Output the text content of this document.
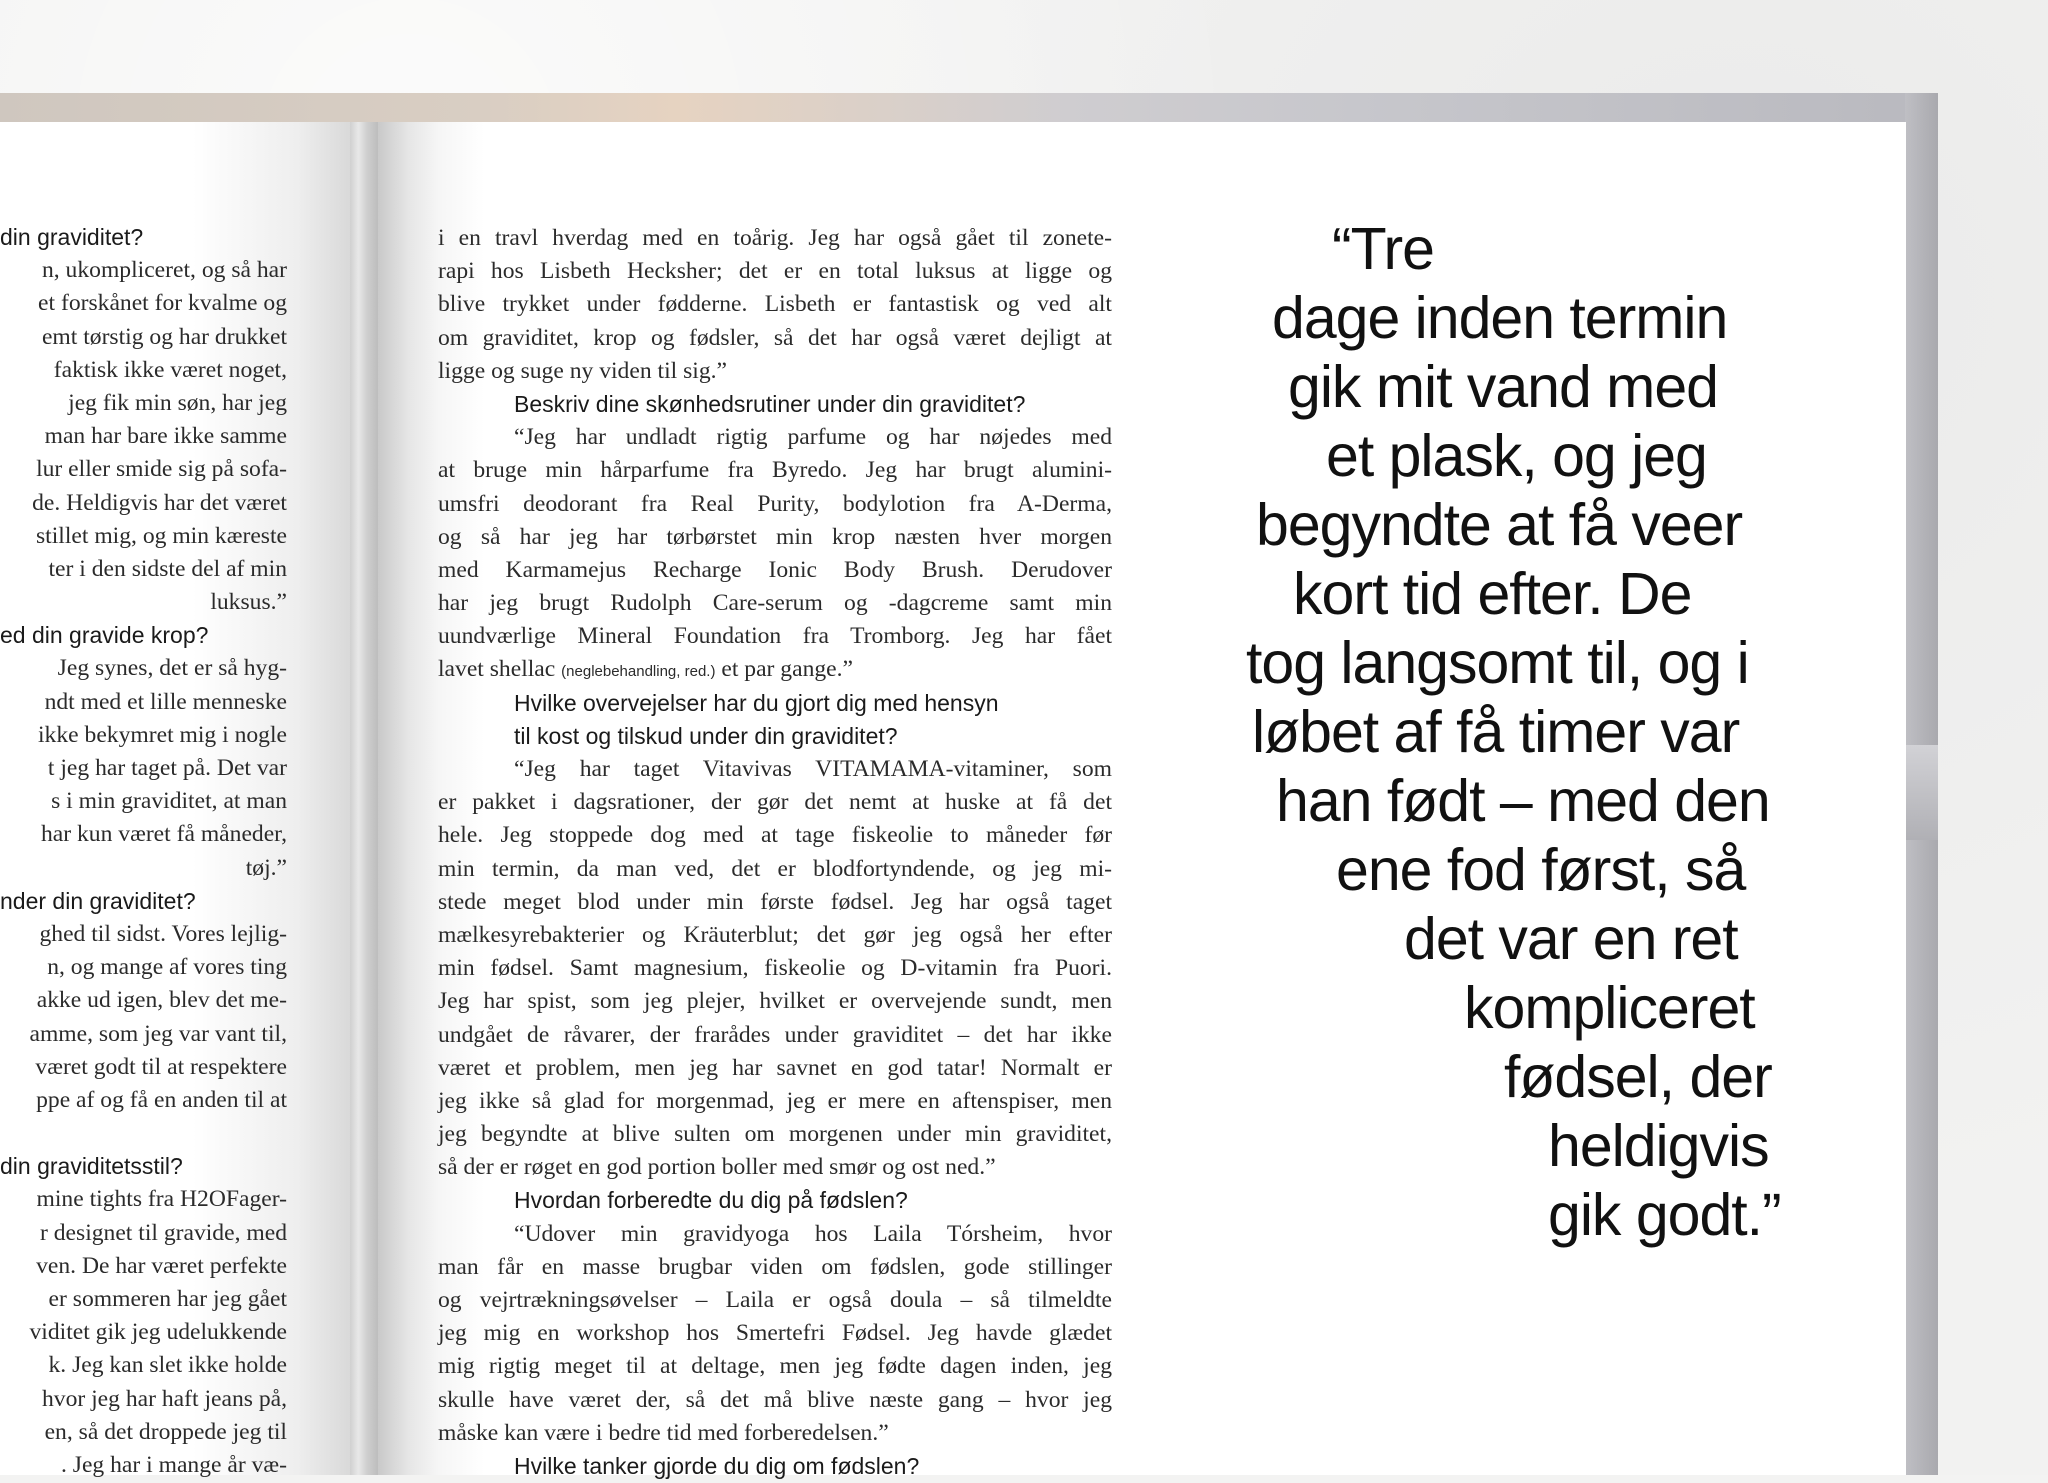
din graviditet?
n, ukompliceret, og så har
et forskånet for kvalme og
emt tørstig og har drukket
faktisk ikke været noget,
jeg fik min søn, har jeg
man har bare ikke samme
lur eller smide sig på sofa-
de. Heldigvis har det været
stillet mig, og min kæreste
ter i den sidste del af min
luksus.”
ed din gravide krop?
Jeg synes, det er så hyg-
ndt med et lille menneske
ikke bekymret mig i nogle
t jeg har taget på. Det var
s i min graviditet, at man
har kun været få måneder,
tøj.”
nder din graviditet?
ghed til sidst. Vores lejlig-
n, og mange af vores ting
akke ud igen, blev det me-
amme, som jeg var vant til,
været godt til at respektere
ppe af og få en anden til at
din graviditetsstil?
mine tights fra H2OFager-
r designet til gravide, med
ven. De har været perfekte
er sommeren har jeg gået
viditet gik jeg udelukkende
k. Jeg kan slet ikke holde
hvor jeg har haft jeans på,
en, så det droppede jeg til
. Jeg har i mange år væ-
i en travl hverdag med en toårig. Jeg har også gået til zonete-
rapi hos Lisbeth Hecksher; det er en total luksus at ligge og
blive trykket under fødderne. Lisbeth er fantastisk og ved alt
om graviditet, krop og fødsler, så det har også været dejligt at
ligge og suge ny viden til sig.”
Beskriv dine skønhedsrutiner under din graviditet?
“Jeg har undladt rigtig parfume og har nøjedes med
at bruge min hårparfume fra Byredo. Jeg har brugt alumini-
umsfri deodorant fra Real Purity, bodylotion fra A-Derma,
og så har jeg har tørbørstet min krop næsten hver morgen
med Karmamejus Recharge Ionic Body Brush. Derudover
har jeg brugt Rudolph Care-serum og -dagcreme samt min
uundværlige Mineral Foundation fra Tromborg. Jeg har fået
lavet shellac (neglebehandling, red.) et par gange.”
Hvilke overvejelser har du gjort dig med hensyn
til kost og tilskud under din graviditet?
“Jeg har taget Vitavivas VITAMAMA-vitaminer, som
er pakket i dagsrationer, der gør det nemt at huske at få det
hele. Jeg stoppede dog med at tage fiskeolie to måneder før
min termin, da man ved, det er blodfortyndende, og jeg mi-
stede meget blod under min første fødsel. Jeg har også taget
mælkesyrebakterier og Kräuterblut; det gør jeg også her efter
min fødsel. Samt magnesium, fiskeolie og D-vitamin fra Puori.
Jeg har spist, som jeg plejer, hvilket er overvejende sundt, men
undgået de råvarer, der frarådes under graviditet – det har ikke
været et problem, men jeg har savnet en god tatar! Normalt er
jeg ikke så glad for morgenmad, jeg er mere en aftenspiser, men
jeg begyndte at blive sulten om morgenen under min graviditet,
så der er røget en god portion boller med smør og ost ned.”
Hvordan forberedte du dig på fødslen?
“Udover min gravidyoga hos Laila Tórsheim, hvor
man får en masse brugbar viden om fødslen, gode stillinger
og vejrtrækningsøvelser – Laila er også doula – så tilmeldte
jeg mig en workshop hos Smertefri Fødsel. Jeg havde glædet
mig rigtig meget til at deltage, men jeg fødte dagen inden, jeg
skulle have været der, så det må blive næste gang – hvor jeg
måske kan være i bedre tid med forberedelsen.”
Hvilke tanker gjorde du dig om fødslen?
“Tre
dage inden termin
gik mit vand med
et plask, og jeg
begyndte at få veer
kort tid efter. De
tog langsomt til, og i
løbet af få timer var
han født – med den
ene fod først, så
det var en ret
kompliceret
fødsel, der
heldigvis
gik godt.”
